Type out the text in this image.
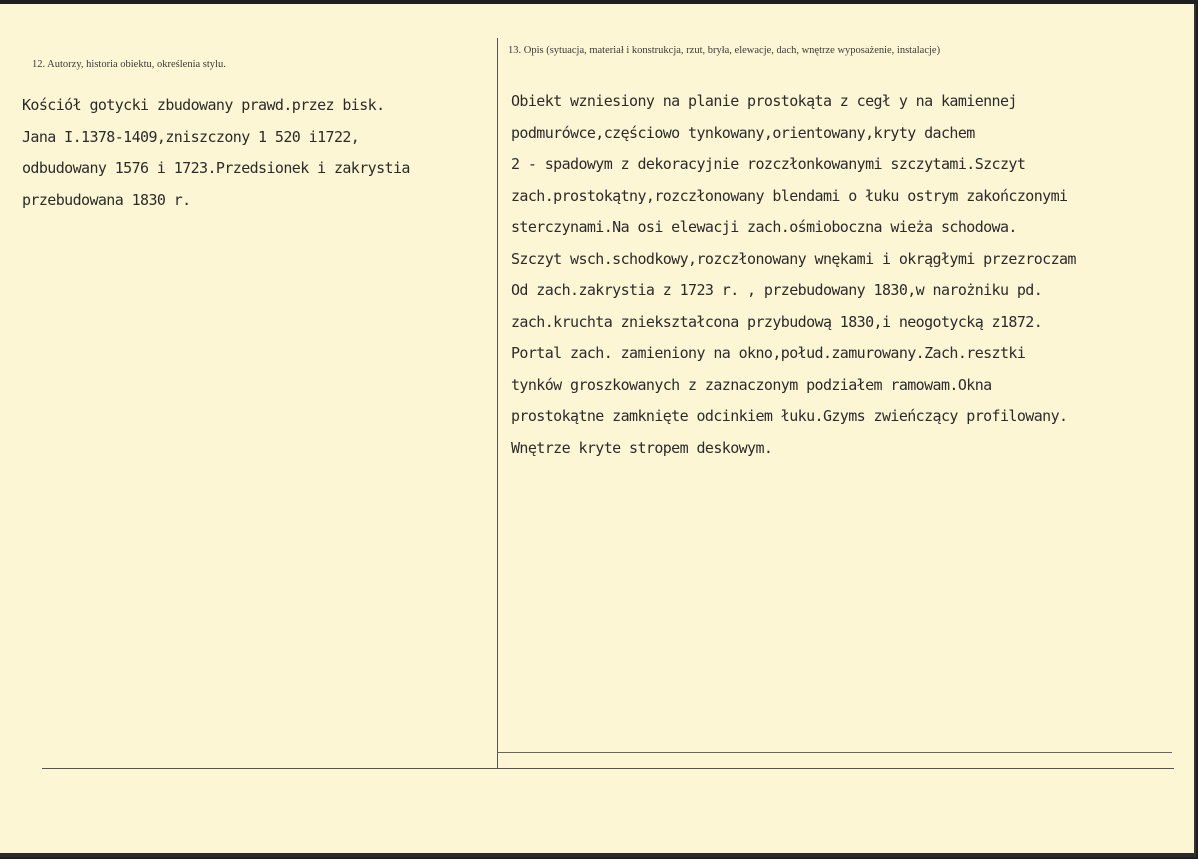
12. Autorzy, historia obiektu, określenia stylu.
13. Opis (sytuacja, materiał i konstrukcja, rzut, bryła, elewacje, dach, wnętrze wyposażenie, instalacje)
Kościół gotycki zbudowany prawd.przez bisk.
Jana I.1378-1409,zniszczony 1 520 i1722,
odbudowany 1576 i 1723.Przedsionek i zakrystia
przebudowana 1830 r.
Obiekt wzniesiony na planie prostokąta z cegł y na kamiennej
podmurówce,częściowo tynkowany,orientowany,kryty dachem
2 - spadowym z dekoracyjnie rozczłonkowanymi szczytami.Szczyt
zach.prostokątny,rozczłonowany blendami o łuku ostrym zakończonymi
sterczynami.Na osi elewacji zach.ośmioboczna wieża schodowa.
Szczyt wsch.schodkowy,rozczłonowany wnękami i okrągłymi przezroczam
Od zach.zakrystia z 1723 r. , przebudowany 1830,w narożniku pd.
zach.kruchta zniekształcona przybudową 1830,i neogotycką z1872.
Portal zach. zamieniony na okno,połud.zamurowany.Zach.resztki
tynków groszkowanych z zaznaczonym podziałem ramowam.Okna
prostokątne zamknięte odcinkiem łuku.Gzyms zwieńczący profilowany.
Wnętrze kryte stropem deskowym.
